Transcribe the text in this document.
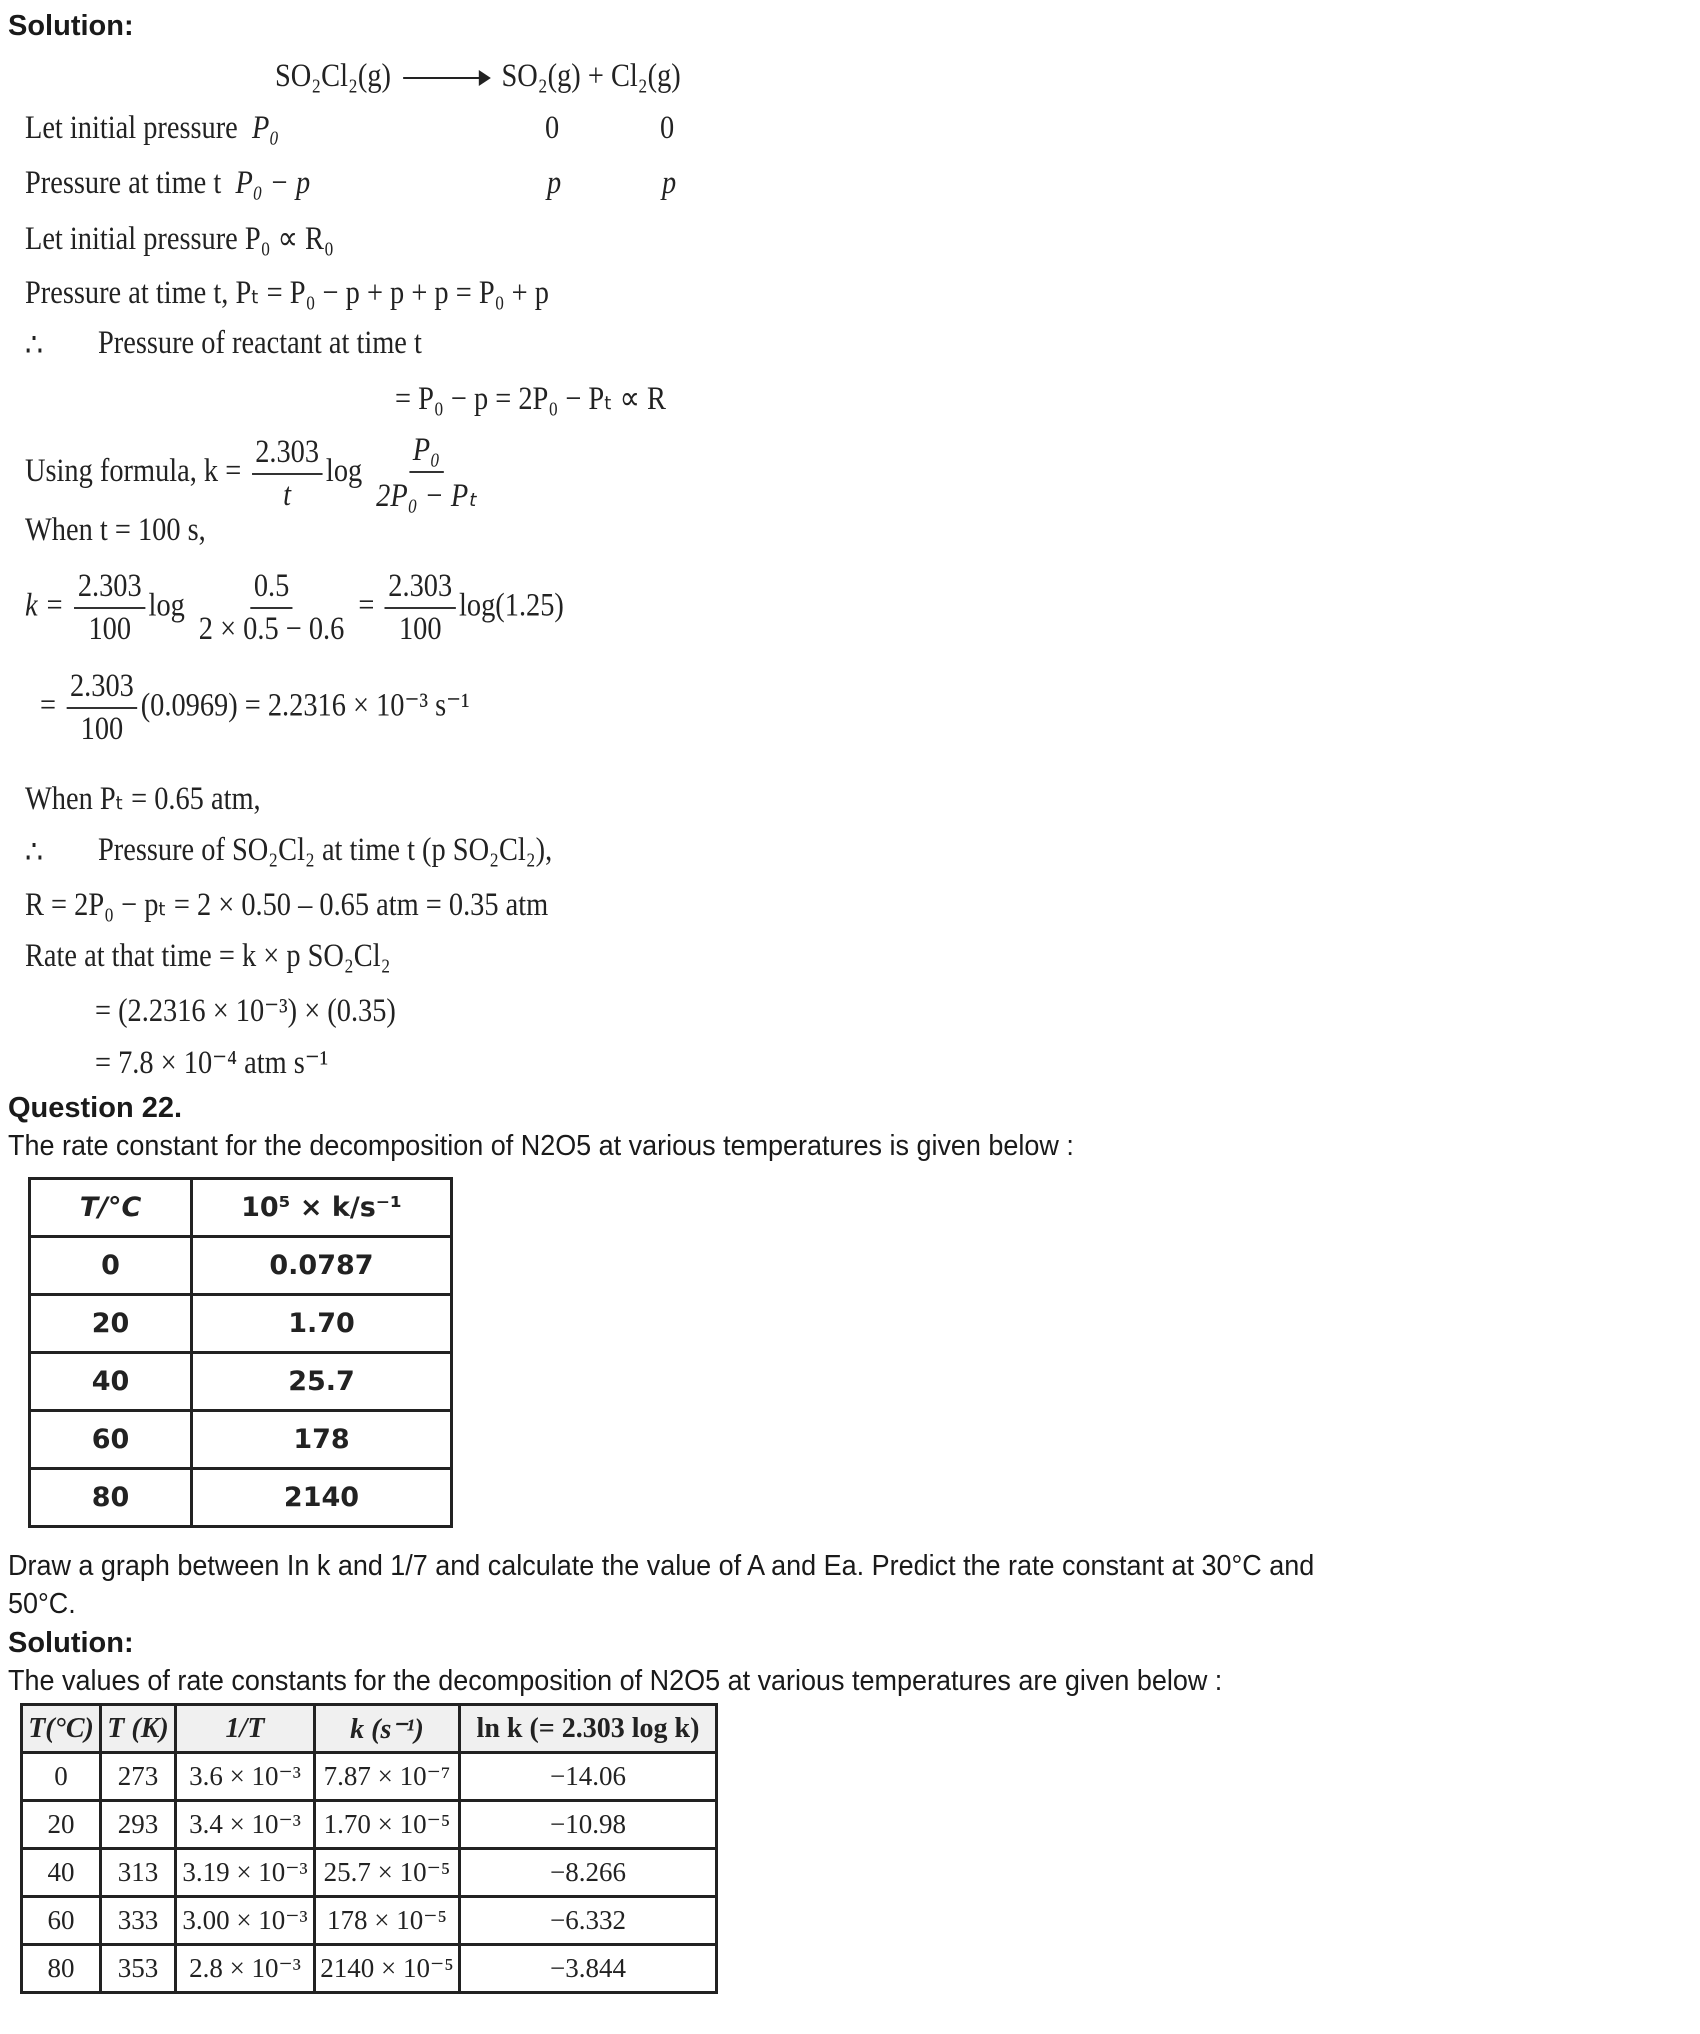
Solution:
SO₂Cl₂(g)	SO₂(g) + Cl₂(g)
Let initial pressure P₀	0	0
Pressure at time t P₀ − p	p	p
Let initial pressure P₀ ∝ R₀
Pressure at time t, Pₜ = P₀ − p + p + p = P₀ + p
∴ Pressure of reactant at time t
= P₀ − p = 2P₀ − Pₜ ∝ R
Using formula, $k = \frac{2.303}{t}$ $\log \frac{\text{P₀}}{\text{2P₀ − Pₜ}}$
When t = 100 s,
$k = \frac{2.303}{100}$ $\log \frac{0.5}{2 \times 0.5 - 0.6} = \frac{2.303}{100} \log(1.25)$
= $\frac{2.303}{100} (0.0969) = 2.2316 \times 10^{-3}$ s⁻¹
When Pₜ = 0.65 atm,
∴ Pressure of SO₂Cl₂ at time t (p SO₂Cl₂),
R = 2P₀ − pₜ = 2 × 0.50 – 0.65 atm = 0.35 atm
Rate at that time = k × p SO₂Cl₂
= (2.2316 × 10⁻³) × (0.35)
= 7.8 × 10⁻⁴ atm s⁻¹
Question 22.
The rate constant for the decomposition of N2O5 at various temperatures is given below :
T/°C	10⁵ × k/s⁻¹
0	0.0787
20	1.70
40	25.7
60	178
80	2140
Draw a graph between In k and 1/7 and calculate the value of A and Ea. Predict the rate constant at 30°C and
50°C.
Solution:
The values of rate constants for the decomposition of N2O5 at various temperatures are given below :
T(°C)	T (K)	1/T	k (s⁻¹)	ln k (= 2.303 log k)
0	273	3.6 × 10⁻³	7.87 × 10⁻⁷	−14.06
20	293	3.4 × 10⁻³	1.70 × 10⁻⁵	−10.98
40	313	3.19 × 10⁻³	25.7 × 10⁻⁵	−8.266
60	333	3.00 × 10⁻³	178 × 10⁻⁵	−6.332
80	353	2.8 × 10⁻³	2140 × 10⁻⁵	−3.844
